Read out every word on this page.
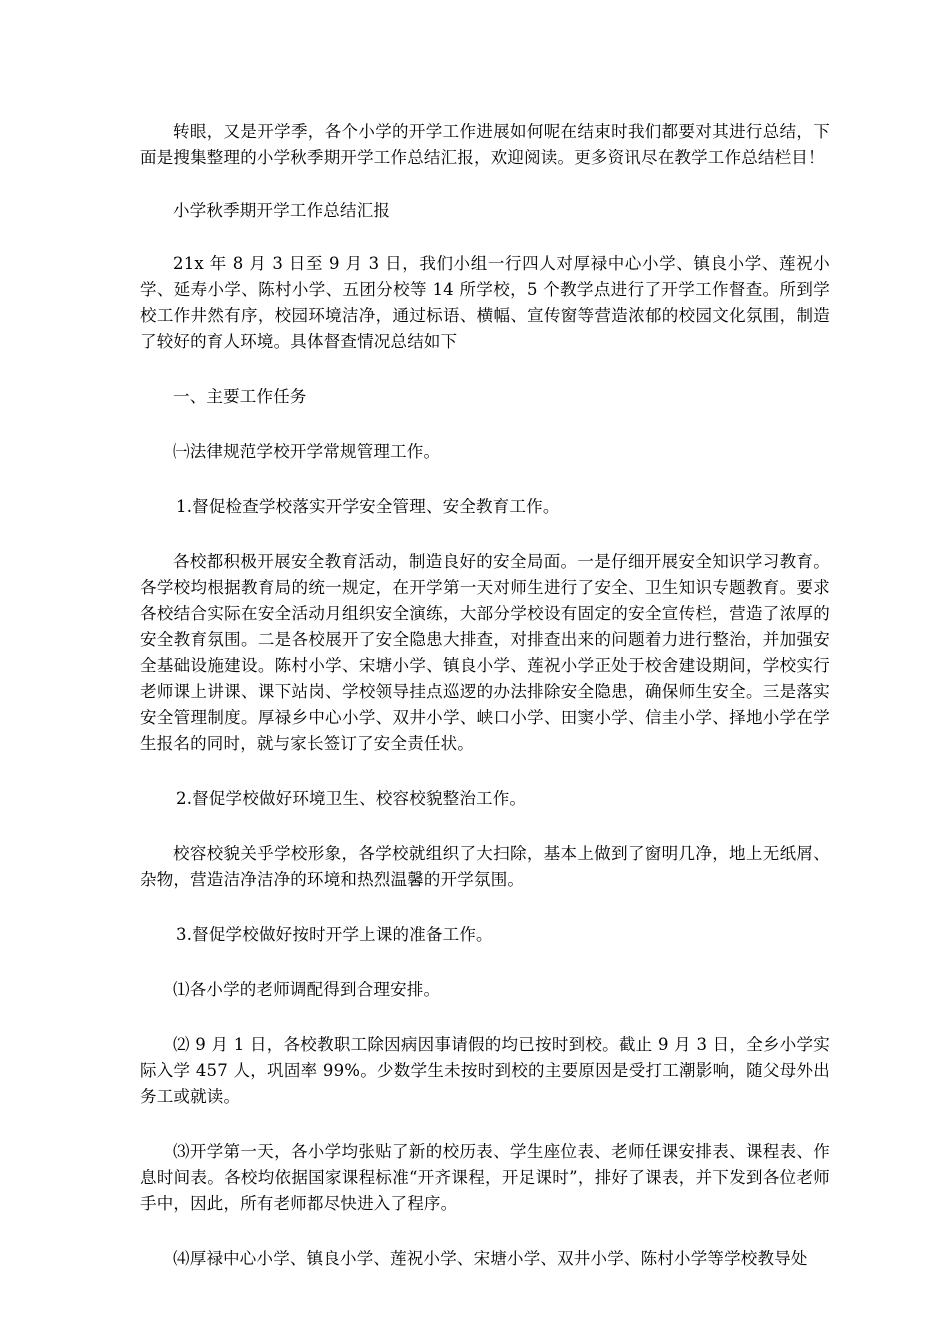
转眼，又是开学季，各个小学的开学工作进展如何呢在结束时我们都要对其进行总结，下面是搜集整理的小学秋季期开学工作总结汇报，欢迎阅读。更多资讯尽在教学工作总结栏目！

小学秋季期开学工作总结汇报

21x 年 8 月 3 日至 9 月 3 日，我们小组一行四人对厚禄中心小学、镇良小学、莲祝小学、延寿小学、陈村小学、五团分校等 14 所学校，5 个教学点进行了开学工作督查。所到学校工作井然有序，校园环境洁净，通过标语、横幅、宣传窗等营造浓郁的校园文化氛围，制造了较好的育人环境。具体督查情况总结如下

一、主要工作任务

㈠法律规范学校开学常规管理工作。

1.督促检查学校落实开学安全管理、安全教育工作。

各校都积极开展安全教育活动，制造良好的安全局面。一是仔细开展安全知识学习教育。各学校均根据教育局的统一规定，在开学第一天对师生进行了安全、卫生知识专题教育。要求各校结合实际在安全活动月组织安全演练，大部分学校设有固定的安全宣传栏，营造了浓厚的安全教育氛围。二是各校展开了安全隐患大排查，对排查出来的问题着力进行整治，并加强安全基础设施建设。陈村小学、宋塘小学、镇良小学、莲祝小学正处于校舍建设期间，学校实行老师课上讲课、课下站岗、学校领导挂点巡逻的办法排除安全隐患，确保师生安全。三是落实安全管理制度。厚禄乡中心小学、双井小学、峡口小学、田窦小学、信圭小学、择地小学在学生报名的同时，就与家长签订了安全责任状。

2.督促学校做好环境卫生、校容校貌整治工作。

校容校貌关乎学校形象，各学校就组织了大扫除，基本上做到了窗明几净，地上无纸屑、杂物，营造洁净洁净的环境和热烈温馨的开学氛围。

3.督促学校做好按时开学上课的准备工作。

⑴各小学的老师调配得到合理安排。

⑵ 9 月 1 日，各校教职工除因病因事请假的均已按时到校。截止 9 月 3 日，全乡小学实际入学 457 人，巩固率 99%。少数学生未按时到校的主要原因是受打工潮影响，随父母外出务工或就读。

⑶开学第一天，各小学均张贴了新的校历表、学生座位表、老师任课安排表、课程表、作息时间表。各校均依据国家课程标准“开齐课程，开足课时”，排好了课表，并下发到各位老师手中，因此，所有老师都尽快进入了程序。

⑷厚禄中心小学、镇良小学、莲祝小学、宋塘小学、双井小学、陈村小学等学校教导处
